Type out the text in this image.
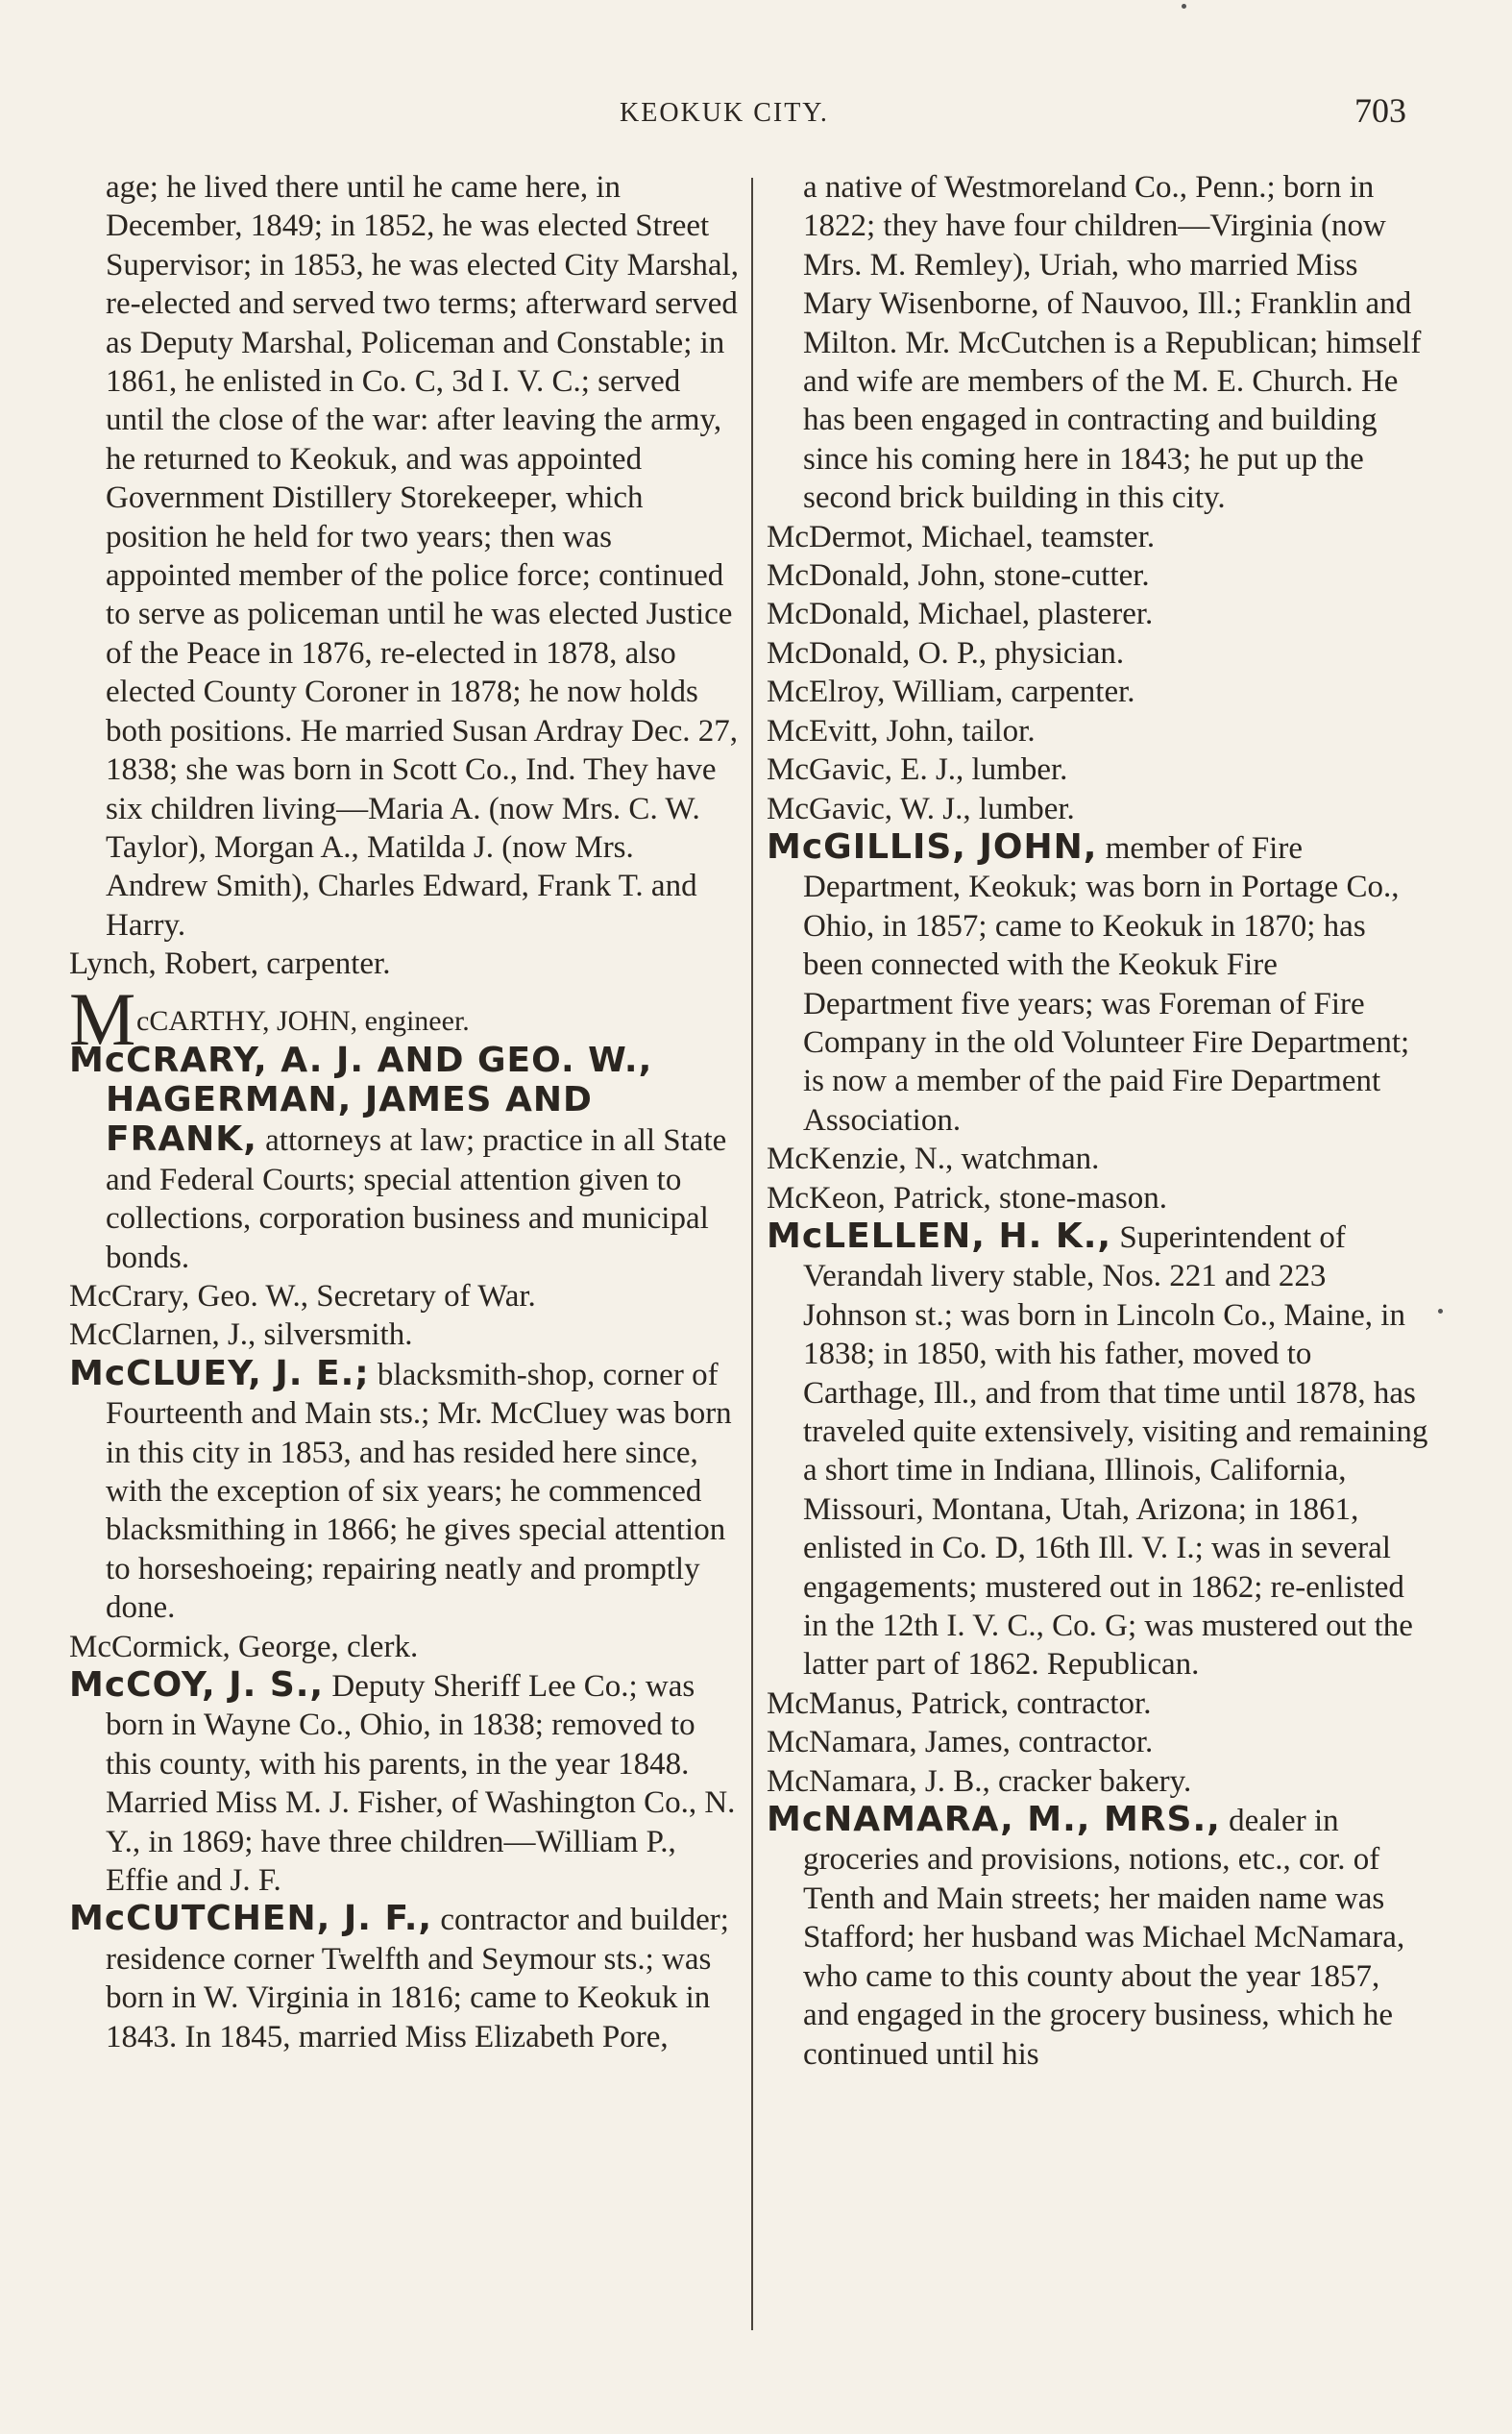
KEOKUK CITY.	703

age; he lived there until he came here, in December, 1849; in 1852, he was elected Street Supervisor; in 1853, he was elected City Marshal, re-elected and served two terms; afterward served as Deputy Marshal, Policeman and Constable; in 1861, he enlisted in Co. C, 3d I. V. C.; served until the close of the war: after leaving the army, he returned to Keokuk, and was appointed Government Distillery Storekeeper, which position he held for two years; then was appointed member of the police force; continued to serve as policeman until he was elected Justice of the Peace in 1876, re-elected in 1878, also elected County Coroner in 1878; he now holds both positions. He married Susan Ardray Dec. 27, 1838; she was born in Scott Co., Ind. They have six children living—Maria A. (now Mrs. C. W. Taylor), Morgan A., Matilda J. (now Mrs. Andrew Smith), Charles Edward, Frank T. and Harry.

Lynch, Robert, carpenter.

M cCARTHY, JOHN, engineer.

McCRARY, A. J. AND GEO. W., HAGERMAN, JAMES AND FRANK, attorneys at law; practice in all State and Federal Courts; special attention given to collections, corporation business and municipal bonds.

McCrary, Geo. W., Secretary of War.

McClarnen, J., silversmith.

McCLUEY, J. E.; blacksmith-shop, corner of Fourteenth and Main sts.; Mr. McCluey was born in this city in 1853, and has resided here since, with the exception of six years; he commenced blacksmithing in 1866; he gives special attention to horseshoeing; repairing neatly and promptly done.

McCormick, George, clerk.

McCOY, J. S., Deputy Sheriff Lee Co.; was born in Wayne Co., Ohio, in 1838; removed to this county, with his parents, in the year 1848. Married Miss M. J. Fisher, of Washington Co., N. Y., in 1869; have three children—William P., Effie and J. F.

McCUTCHEN, J. F., contractor and builder; residence corner Twelfth and Seymour sts.; was born in W. Virginia in 1816; came to Keokuk in 1843. In 1845, married Miss Elizabeth Pore,

a native of Westmoreland Co., Penn.; born in 1822; they have four children—Virginia (now Mrs. M. Remley), Uriah, who married Miss Mary Wisenborne, of Nauvoo, Ill.; Franklin and Milton. Mr. McCutchen is a Republican; himself and wife are members of the M. E. Church. He has been engaged in contracting and building since his coming here in 1843; he put up the second brick building in this city.

McDermot, Michael, teamster.

McDonald, John, stone-cutter.

McDonald, Michael, plasterer.

McDonald, O. P., physician.

McElroy, William, carpenter.

McEvitt, John, tailor.

McGavic, E. J., lumber.

McGavic, W. J., lumber.

McGILLIS, JOHN, member of Fire Department, Keokuk; was born in Portage Co., Ohio, in 1857; came to Keokuk in 1870; has been connected with the Keokuk Fire Department five years; was Foreman of Fire Company in the old Volunteer Fire Department; is now a member of the paid Fire Department Association.

McKenzie, N., watchman.

McKeon, Patrick, stone-mason.

McLELLEN, H. K., Superintendent of Verandah livery stable, Nos. 221 and 223 Johnson st.; was born in Lincoln Co., Maine, in 1838; in 1850, with his father, moved to Carthage, Ill., and from that time until 1878, has traveled quite extensively, visiting and remaining a short time in Indiana, Illinois, California, Missouri, Montana, Utah, Arizona; in 1861, enlisted in Co. D, 16th Ill. V. I.; was in several engagements; mustered out in 1862; re-enlisted in the 12th I. V. C., Co. G; was mustered out the latter part of 1862. Republican.

McManus, Patrick, contractor.

McNamara, James, contractor.

McNamara, J. B., cracker bakery.

McNAMARA, M., MRS., dealer in groceries and provisions, notions, etc., cor. of Tenth and Main streets; her maiden name was Stafford; her husband was Michael McNamara, who came to this county about the year 1857, and engaged in the grocery business, which he continued until his
